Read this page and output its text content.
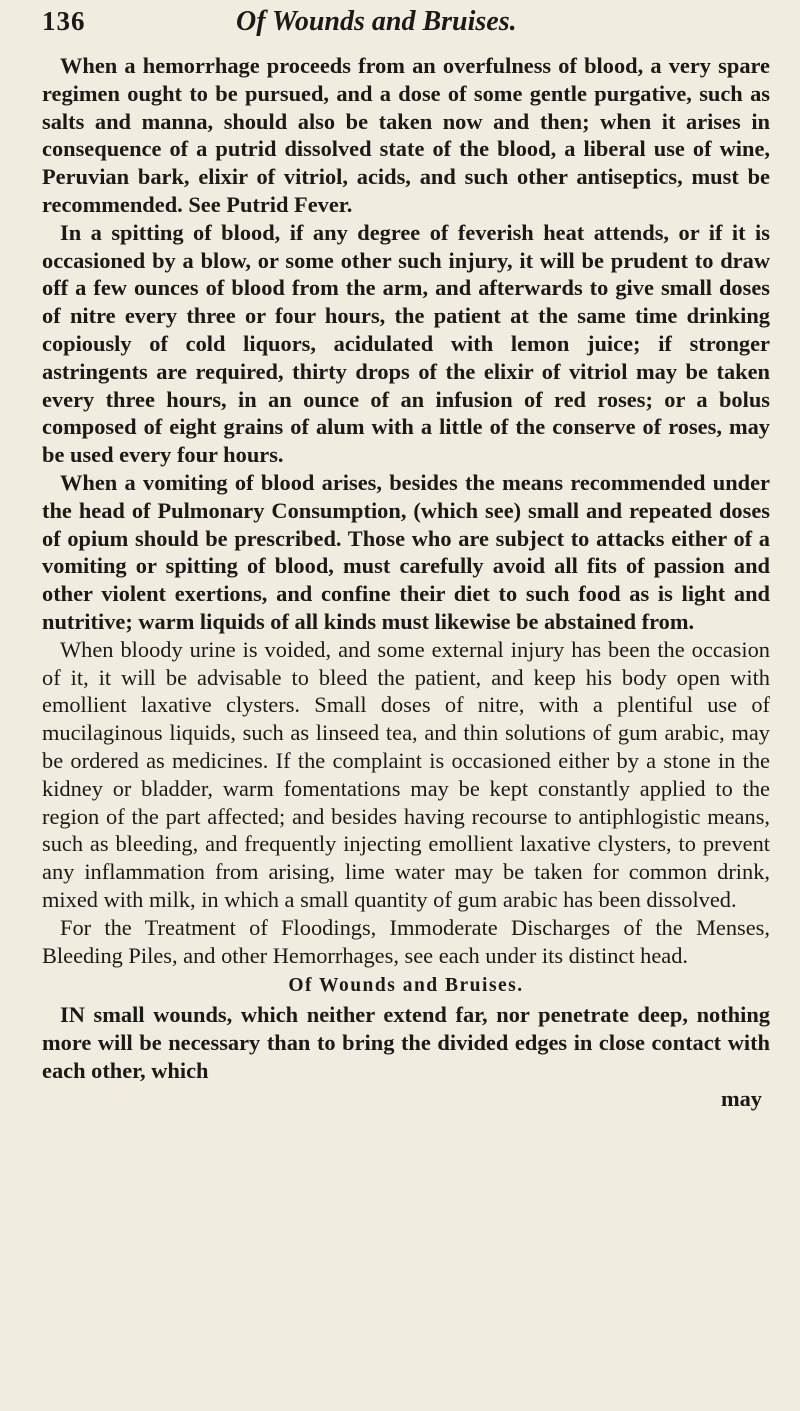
136	Of Wounds and Bruises.

When a hemorrhage proceeds from an overfulness of blood, a very spare regimen ought to be pursued, and a dose of some gentle purgative, such as salts and manna, should also be taken now and then; when it arises in consequence of a putrid dissolved state of the blood, a liberal use of wine, Peruvian bark, elixir of vitriol, acids, and such other antiseptics, must be recommended. See Putrid Fever.

In a spitting of blood, if any degree of feverish heat attends, or if it is occasioned by a blow, or some other such injury, it will be prudent to draw off a few ounces of blood from the arm, and afterwards to give small doses of nitre every three or four hours, the patient at the same time drinking copiously of cold liquors, acidulated with lemon juice; if stronger astringents are required, thirty drops of the elixir of vitriol may be taken every three hours, in an ounce of an infusion of red roses; or a bolus composed of eight grains of alum with a little of the conserve of roses, may be used every four hours.

When a vomiting of blood arises, besides the means recommended under the head of Pulmonary Consumption, (which see) small and repeated doses of opium should be prescribed. Those who are subject to attacks either of a vomiting or spitting of blood, must carefully avoid all fits of passion and other violent exertions, and confine their diet to such food as is light and nutritive; warm liquids of all kinds must likewise be abstained from.

When bloody urine is voided, and some external injury has been the occasion of it, it will be advisable to bleed the patient, and keep his body open with emollient laxative clysters. Small doses of nitre, with a plentiful use of mucilaginous liquids, such as linseed tea, and thin solutions of gum arabic, may be ordered as medicines. If the complaint is occasioned either by a stone in the kidney or bladder, warm fomentations may be kept constantly applied to the region of the part affected; and besides having recourse to antiphlogistic means, such as bleeding, and frequently injecting emollient laxative clysters, to prevent any inflammation from arising, lime water may be taken for common drink, mixed with milk, in which a small quantity of gum arabic has been dissolved.

For the Treatment of Floodings, Immoderate Discharges of the Menses, Bleeding Piles, and other Hemorrhages, see each under its distinct head.

Of Wounds and Bruises.

IN small wounds, which neither extend far, nor penetrate deep, nothing more will be necessary than to bring the divided edges in close contact with each other, which

may
